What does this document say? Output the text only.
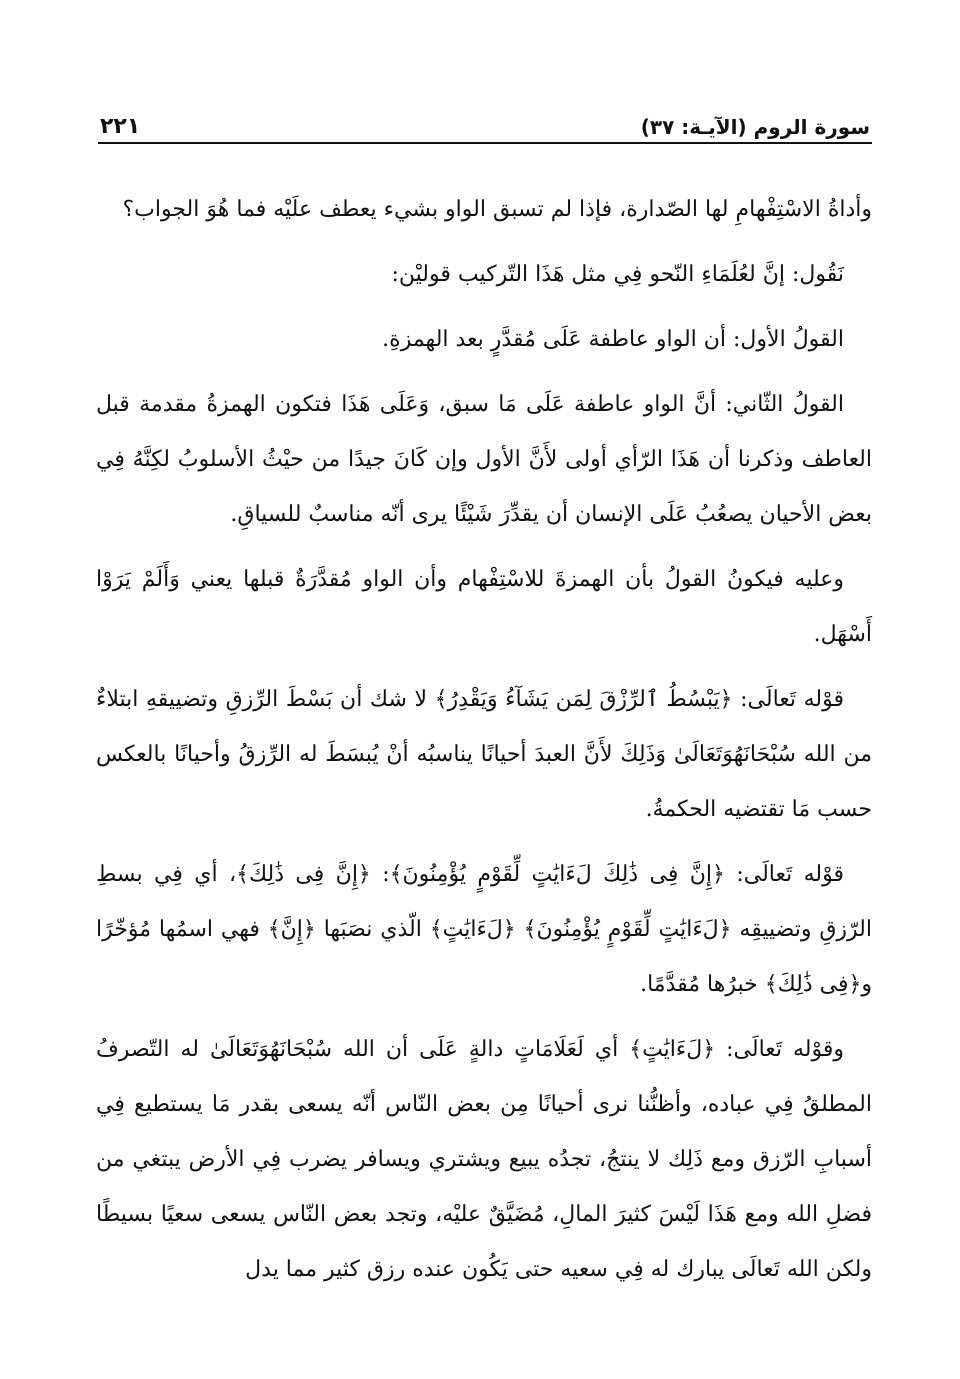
سورة الروم (الآيـة: ٣٧)
٢٢١

وأداةُ الاسْتِفْهامِ لها الصّدارة، فإذا لم تسبق الواو بشيء يعطف علَيْه فما هُوَ الجواب؟

نَقُول: إنَّ لعُلَمَاءِ النّحو فِي مثل هَذَا التّركيب قوليْن:

القولُ الأول: أن الواو عاطفة عَلَى مُقدَّرٍ بعد الهمزةِ.

القولُ الثّاني: أنَّ الواو عاطفة عَلَى مَا سبق، وَعَلَى هَذَا فتكون الهمزةُ مقدمة قبل العاطف وذكرنا أن هَذَا الرّأي أولى لأَنَّ الأول وإن كَانَ جيدًا من حيْثُ الأسلوبُ لكِنَّهُ فِي بعض الأحيان يصعُبُ عَلَى الإنسان أن يقدِّرَ شَيْئًا يرى أنّه مناسبٌ للسياقِ.

وعليه فيكونُ القولُ بأن الهمزةَ للاسْتِفْهام وأن الواو مُقدَّرَةٌ قبلها يعني وَأَلَمْ يَرَوْا أَسْهَل.

قوْله تَعالَى: ﴿يَبْسُطُ ٱلرِّزْقَ لِمَن يَشَآءُ وَيَقْدِرُ﴾ لا شك أن بَسْطَ الرِّزقِ وتضييقهِ ابتلاءٌ من الله سُبْحَانَهُوَتَعَالَىٰ وَذَلِكَ لأَنَّ العبدَ أحيانًا يناسبُه أنْ يُبسَطَ له الرِّزقُ وأحيانًا بالعكس حسب مَا تقتضيه الحكمةُ.

قوْله تَعالَى: ﴿إِنَّ فِى ذَٰلِكَ لَءَايَٰتٍ لِّقَوْمٍ يُؤْمِنُونَ﴾: ﴿إِنَّ فِى ذَٰلِكَ﴾، أي فِي بسطِ الرّزقِ وتضييقِه ﴿لَءَايَٰتٍ لِّقَوْمٍ يُؤْمِنُونَ﴾ ﴿لَءَايَٰتٍ﴾ الّذي نصَبَها ﴿إِنَّ﴾ فهي اسمُها مُؤخّرًا و﴿فِى ذَٰلِكَ﴾ خبرُها مُقدَّمًا.

وقوْله تَعالَى: ﴿لَءَايَٰتٍ﴾ أي لَعَلَامَاتٍ دالةٍ عَلَى أن الله سُبْحَانَهُوَتَعَالَىٰ له التّصرفُ المطلقُ فِي عباده، وأظنُّنا نرى أحيانًا مِن بعض النّاس أنّه يسعى بقدر مَا يستطيع فِي أسبابِ الرّزق ومع ذَلِك لا ينتجُ، تجدُه يبيع ويشتري ويسافر يضرب فِي الأرض يبتغي من فضلِ الله ومع هَذَا لَيْسَ كثيرَ المالِ، مُضَيَّقٌ عليْه، وتجد بعض النّاس يسعى سعيًا بسيطًا ولكن الله تَعالَى يبارك له فِي سعيه حتى يَكُون عنده رزق كثير مما يدل
